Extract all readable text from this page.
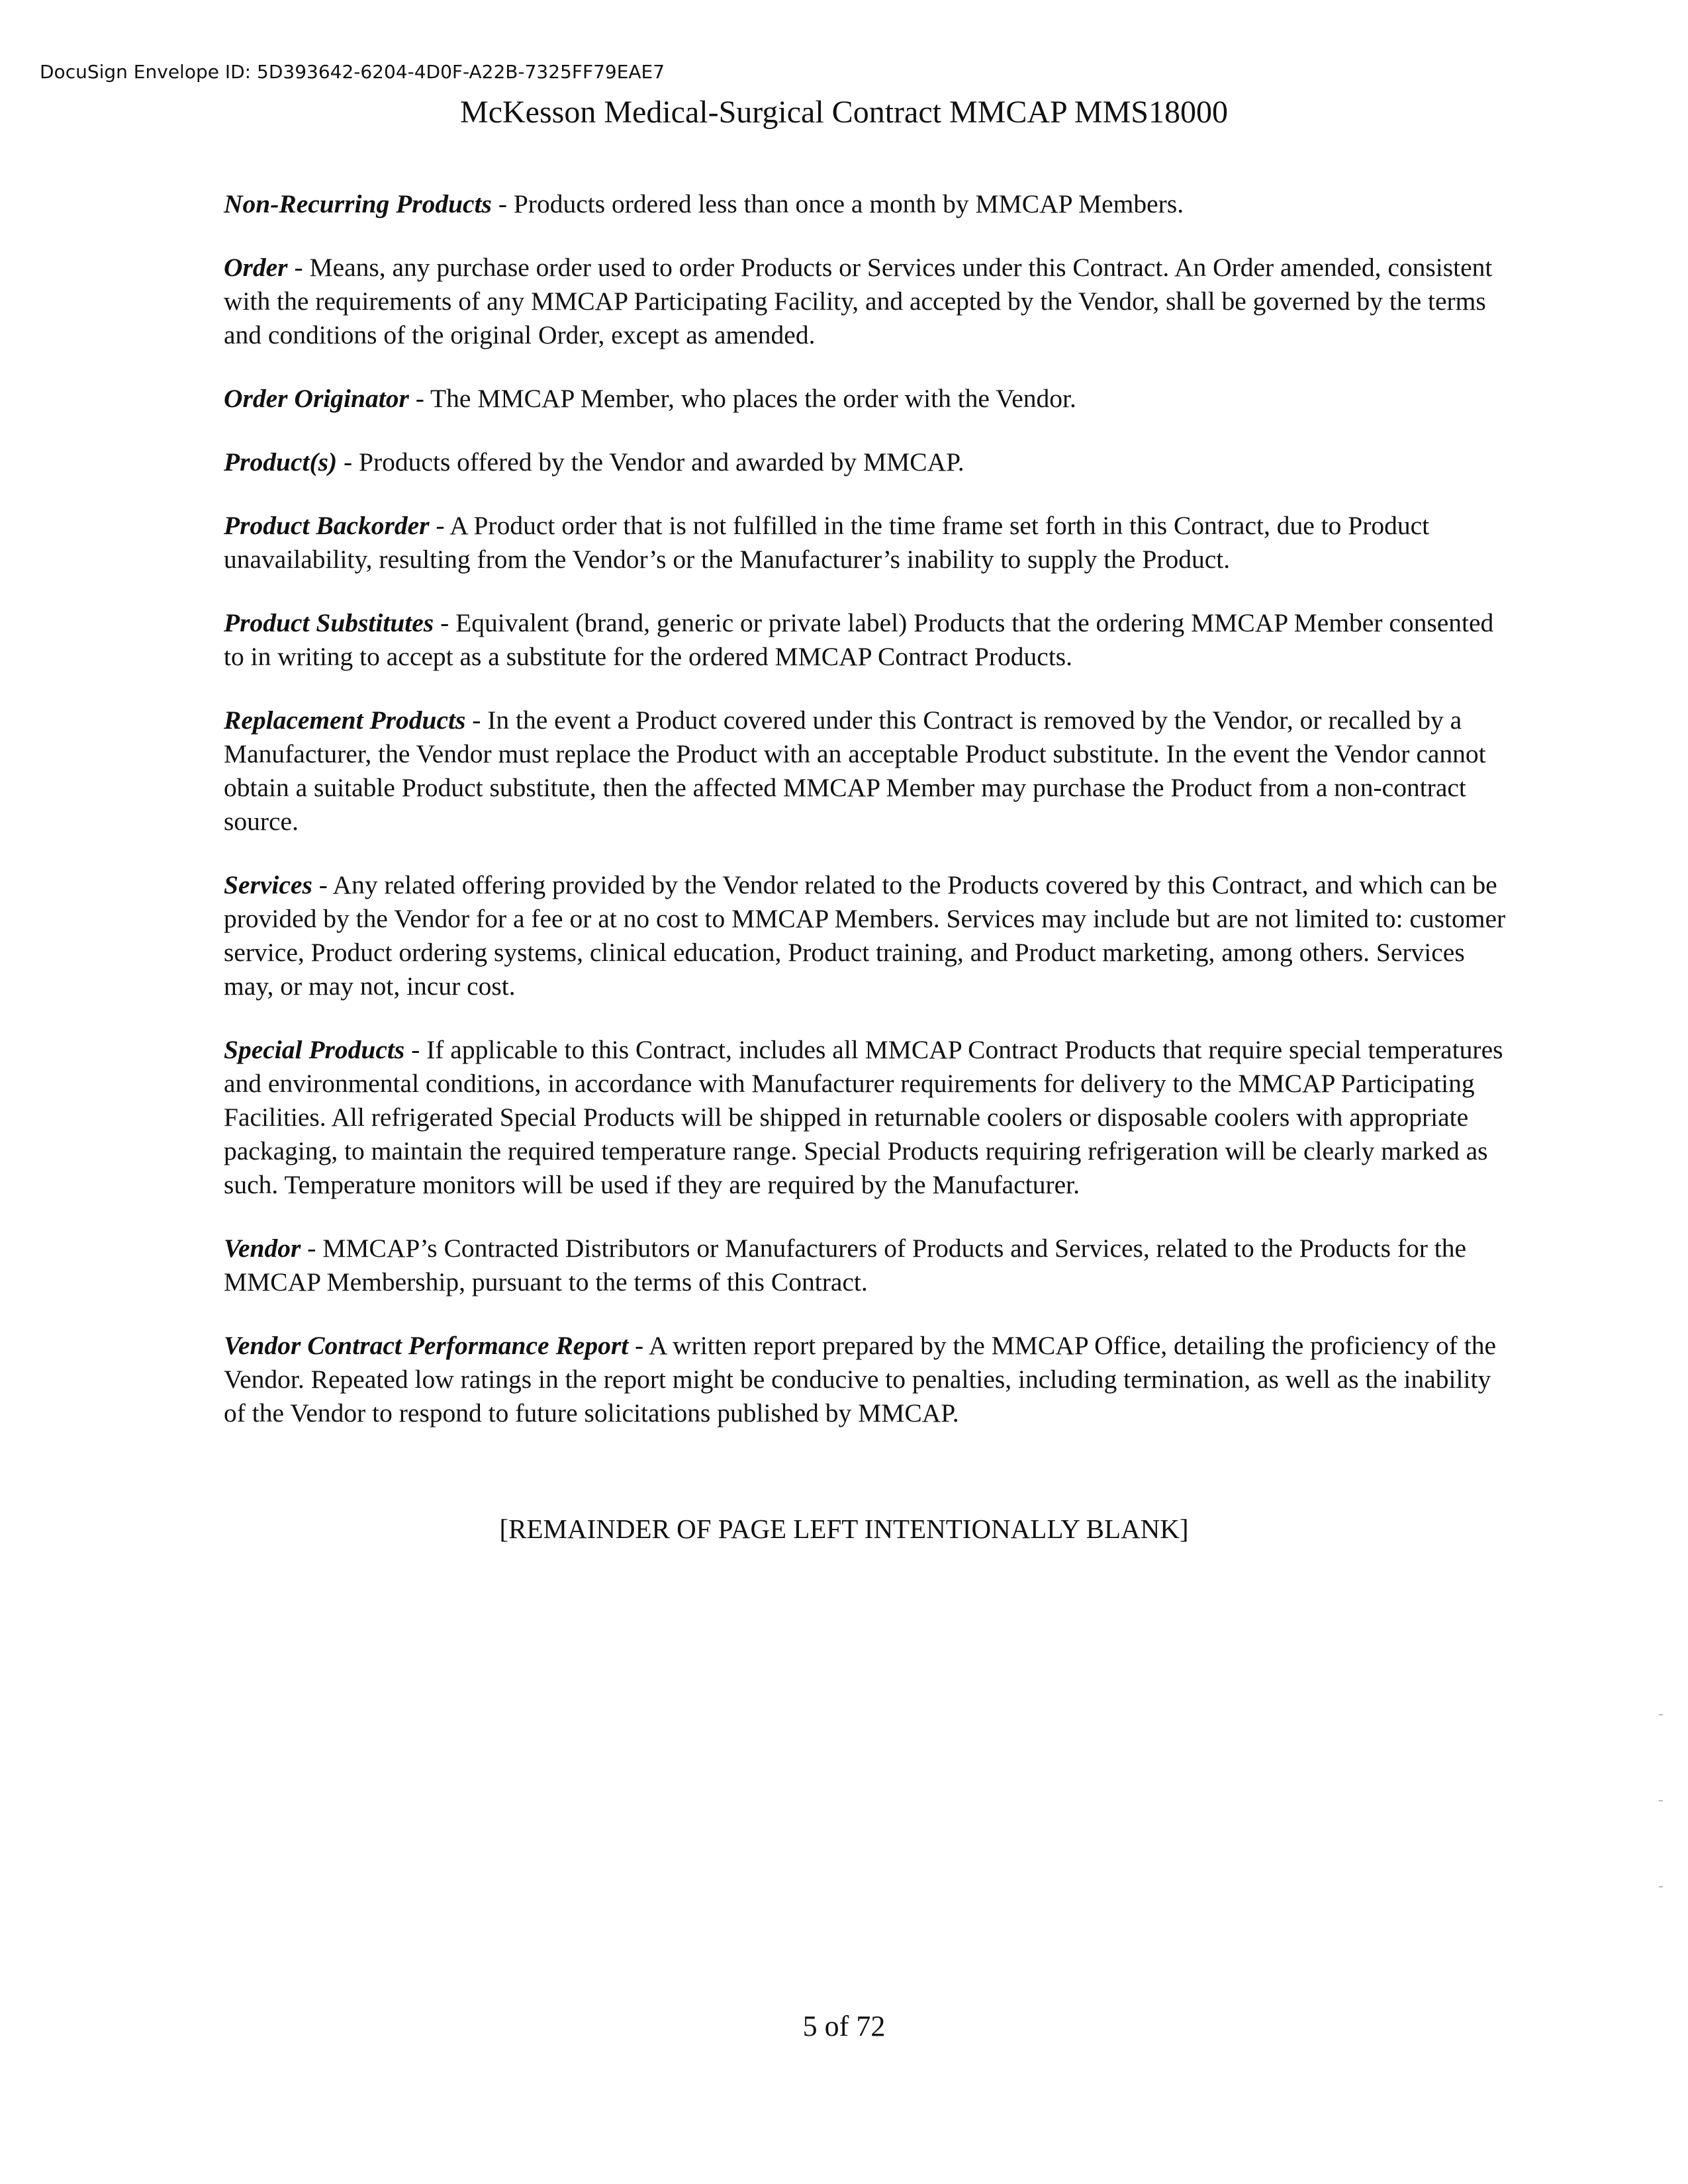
DocuSign Envelope ID: 5D393642-6204-4D0F-A22B-7325FF79EAE7
McKesson Medical-Surgical Contract MMCAP MMS18000

Non-Recurring Products - Products ordered less than once a month by MMCAP Members.

Order - Means, any purchase order used to order Products or Services under this Contract. An Order amended, consistent with the requirements of any MMCAP Participating Facility, and accepted by the Vendor, shall be governed by the terms and conditions of the original Order, except as amended.

Order Originator - The MMCAP Member, who places the order with the Vendor.

Product(s) - Products offered by the Vendor and awarded by MMCAP.

Product Backorder - A Product order that is not fulfilled in the time frame set forth in this Contract, due to Product unavailability, resulting from the Vendor’s or the Manufacturer’s inability to supply the Product.

Product Substitutes - Equivalent (brand, generic or private label) Products that the ordering MMCAP Member consented to in writing to accept as a substitute for the ordered MMCAP Contract Products.

Replacement Products - In the event a Product covered under this Contract is removed by the Vendor, or recalled by a Manufacturer, the Vendor must replace the Product with an acceptable Product substitute. In the event the Vendor cannot obtain a suitable Product substitute, then the affected MMCAP Member may purchase the Product from a non-contract source.

Services - Any related offering provided by the Vendor related to the Products covered by this Contract, and which can be provided by the Vendor for a fee or at no cost to MMCAP Members. Services may include but are not limited to: customer service, Product ordering systems, clinical education, Product training, and Product marketing, among others. Services may, or may not, incur cost.

Special Products - If applicable to this Contract, includes all MMCAP Contract Products that require special temperatures and environmental conditions, in accordance with Manufacturer requirements for delivery to the MMCAP Participating Facilities. All refrigerated Special Products will be shipped in returnable coolers or disposable coolers with appropriate packaging, to maintain the required temperature range. Special Products requiring refrigeration will be clearly marked as such. Temperature monitors will be used if they are required by the Manufacturer.

Vendor - MMCAP’s Contracted Distributors or Manufacturers of Products and Services, related to the Products for the MMCAP Membership, pursuant to the terms of this Contract.

Vendor Contract Performance Report - A written report prepared by the MMCAP Office, detailing the proficiency of the Vendor. Repeated low ratings in the report might be conducive to penalties, including termination, as well as the inability of the Vendor to respond to future solicitations published by MMCAP.

[REMAINDER OF PAGE LEFT INTENTIONALLY BLANK]
5 of 72
